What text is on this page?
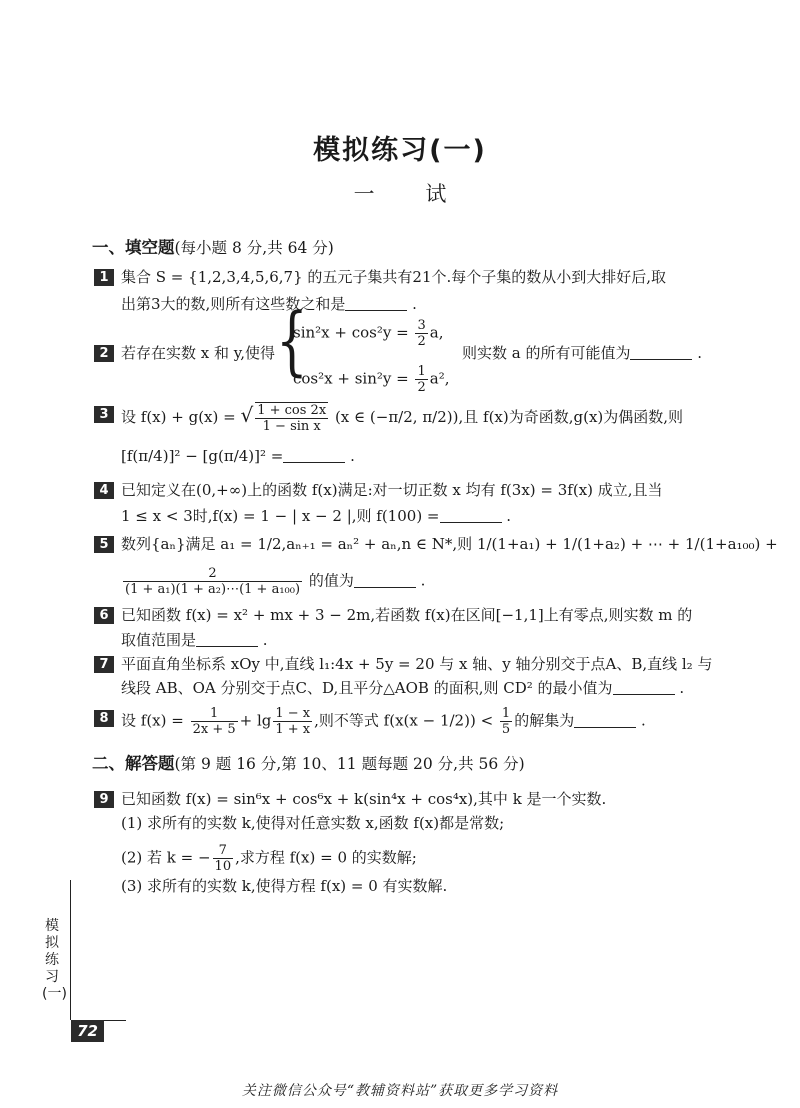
模拟练习(一)
一 试
一、填空题(每小题 8 分,共 64 分)
1 集合 S = {1,2,3,4,5,6,7} 的五元子集共有21个.每个子集的数从小到大排好后,取
出第3大的数,则所有这些数之和是	.
2 若存在实数 x 和 y,使得 {
$\sin^2x + \cos^2y = \frac{3}{2} a$,
$\cos^2x + \sin^2y = \frac{1}{2} a^2$,
则实数 a 的所有可能值为	.
3 设 f(x) + g(x) = √ $\frac{1 + \cos 2x}{\text{1 − sin x}} (x$ ∈ (−π/2, π/2)),且 f(x)为奇函数,g(x)为偶函数,则
[f(π/4)]² − [g(π/4)]² =	.
4 已知定义在(0,+∞)上的函数 f(x)满足:对一切正数 x 均有 f(3x) = 3f(x) 成立,且当
1 ≤ x < 3时,f(x) = 1 − | x − 2 |,则 f(100) =	.
5 数列{aₙ}满足 a₁ = 1/2,aₙ₊₁ = aₙ² + aₙ,n ∈ N*,则 1/(1+a₁) + 1/(1+a₂) + ⋯ + 1/(1+a₁₀₀) +
$\frac{2}{\text{(1 + a₁)(1 + a₂)⋯(1 + a₁₀₀)}}$ 的值为	.
6 已知函数 f(x) = x² + mx + 3 − 2m,若函数 f(x)在区间[−1,1]上有零点,则实数 m 的
取值范围是	.
7 平面直角坐标系 xOy 中,直线 l₁:4x + 5y = 20 与 x 轴、y 轴分别交于点A、B,直线 l₂ 与
线段 AB、OA 分别交于点C、D,且平分△AOB 的面积,则 CD² 的最小值为	.
8 设 $f(x) = \frac{1}{2x + 5} + \lg \frac{1 - x}{1 + x}$ ,则不等式 $f(x(x - 1/2)) < \frac{1}{5}$ 的解集为	.
二、解答题(第 9 题 16 分,第 10、11 题每题 20 分,共 56 分)
9 已知函数 f(x) = sin⁶x + cos⁶x + k(sin⁴x + cos⁴x),其中 k 是一个实数.
(1) 求所有的实数 k,使得对任意实数 x,函数 f(x)都是常数;
(2) 若 k = − $\frac{7}{10}$ ,求方程 f(x) = 0 的实数解;
(3) 求所有的实数 k,使得方程 f(x) = 0 有实数解.
模拟练习(一)
72
关注微信公众号“教辅资料站”获取更多学习资料
